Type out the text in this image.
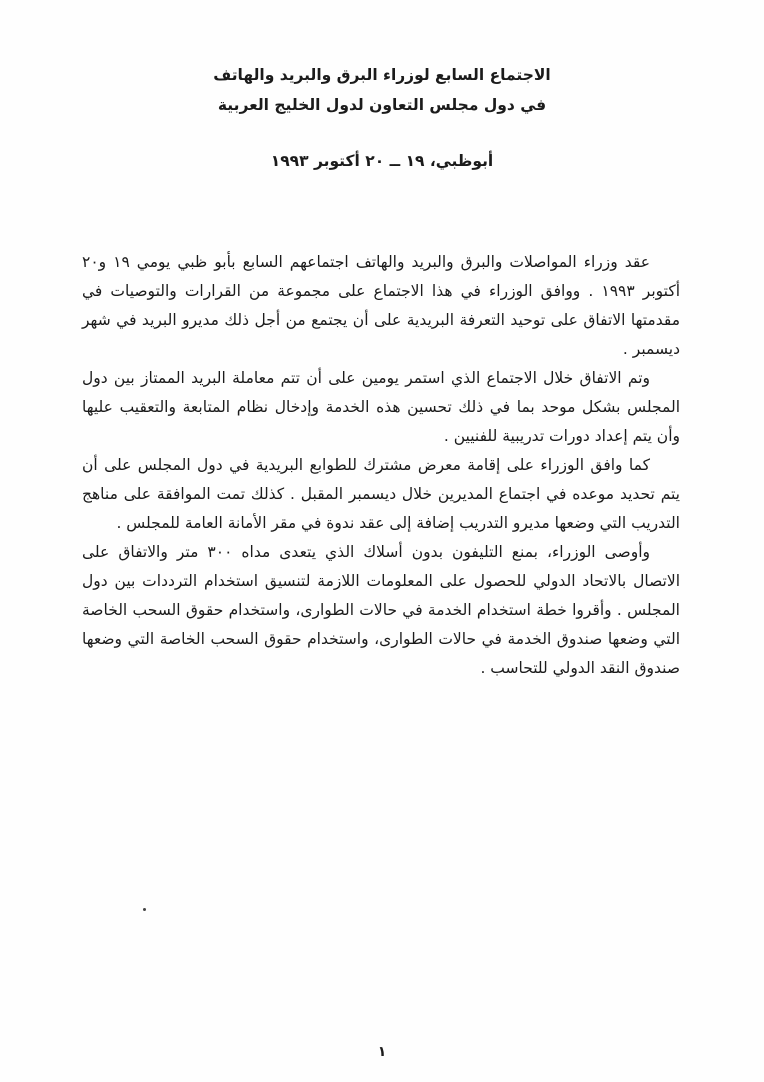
الاجتماع السابع لوزراء البرق والبريد والهاتف
في دول مجلس التعاون لدول الخليج العربية
أبوظبي، ١٩ ــ ٢٠ أكتوبر ١٩٩٣

عقد وزراء المواصلات والبرق والبريد والهاتف اجتماعهم السابع بأبو ظبي يومي ١٩ و٢٠ أكتوبر ١٩٩٣ . ووافق الوزراء في هذا الاجتماع على مجموعة من القرارات والتوصيات في مقدمتها الاتفاق على توحيد التعرفة البريدية على أن يجتمع من أجل ذلك مديرو البريد في شهر ديسمبر .

وتم الاتفاق خلال الاجتماع الذي استمر يومين على أن تتم معاملة البريد الممتاز بين دول المجلس بشكل موحد بما في ذلك تحسين هذه الخدمة وإدخال نظام المتابعة والتعقيب عليها وأن يتم إعداد دورات تدريبية للفنيين .

كما وافق الوزراء على إقامة معرض مشترك للطوابع البريدية في دول المجلس على أن يتم تحديد موعده في اجتماع المديرين خلال ديسمبر المقبل . كذلك تمت الموافقة على مناهج التدريب التي وضعها مديرو التدريب إضافة إلى عقد ندوة في مقر الأمانة العامة للمجلس .

وأوصى الوزراء، بمنع التليفون بدون أسلاك الذي يتعدى مداه ٣٠٠ متر والاتفاق على الاتصال بالاتحاد الدولي للحصول على المعلومات اللازمة لتنسيق استخدام الترددات بين دول المجلس . وأقروا خطة استخدام الخدمة في حالات الطوارى، واستخدام حقوق السحب الخاصة التي وضعها صندوق الخدمة في حالات الطوارى، واستخدام حقوق السحب الخاصة التي وضعها صندوق النقد الدولي للتحاسب .

١
